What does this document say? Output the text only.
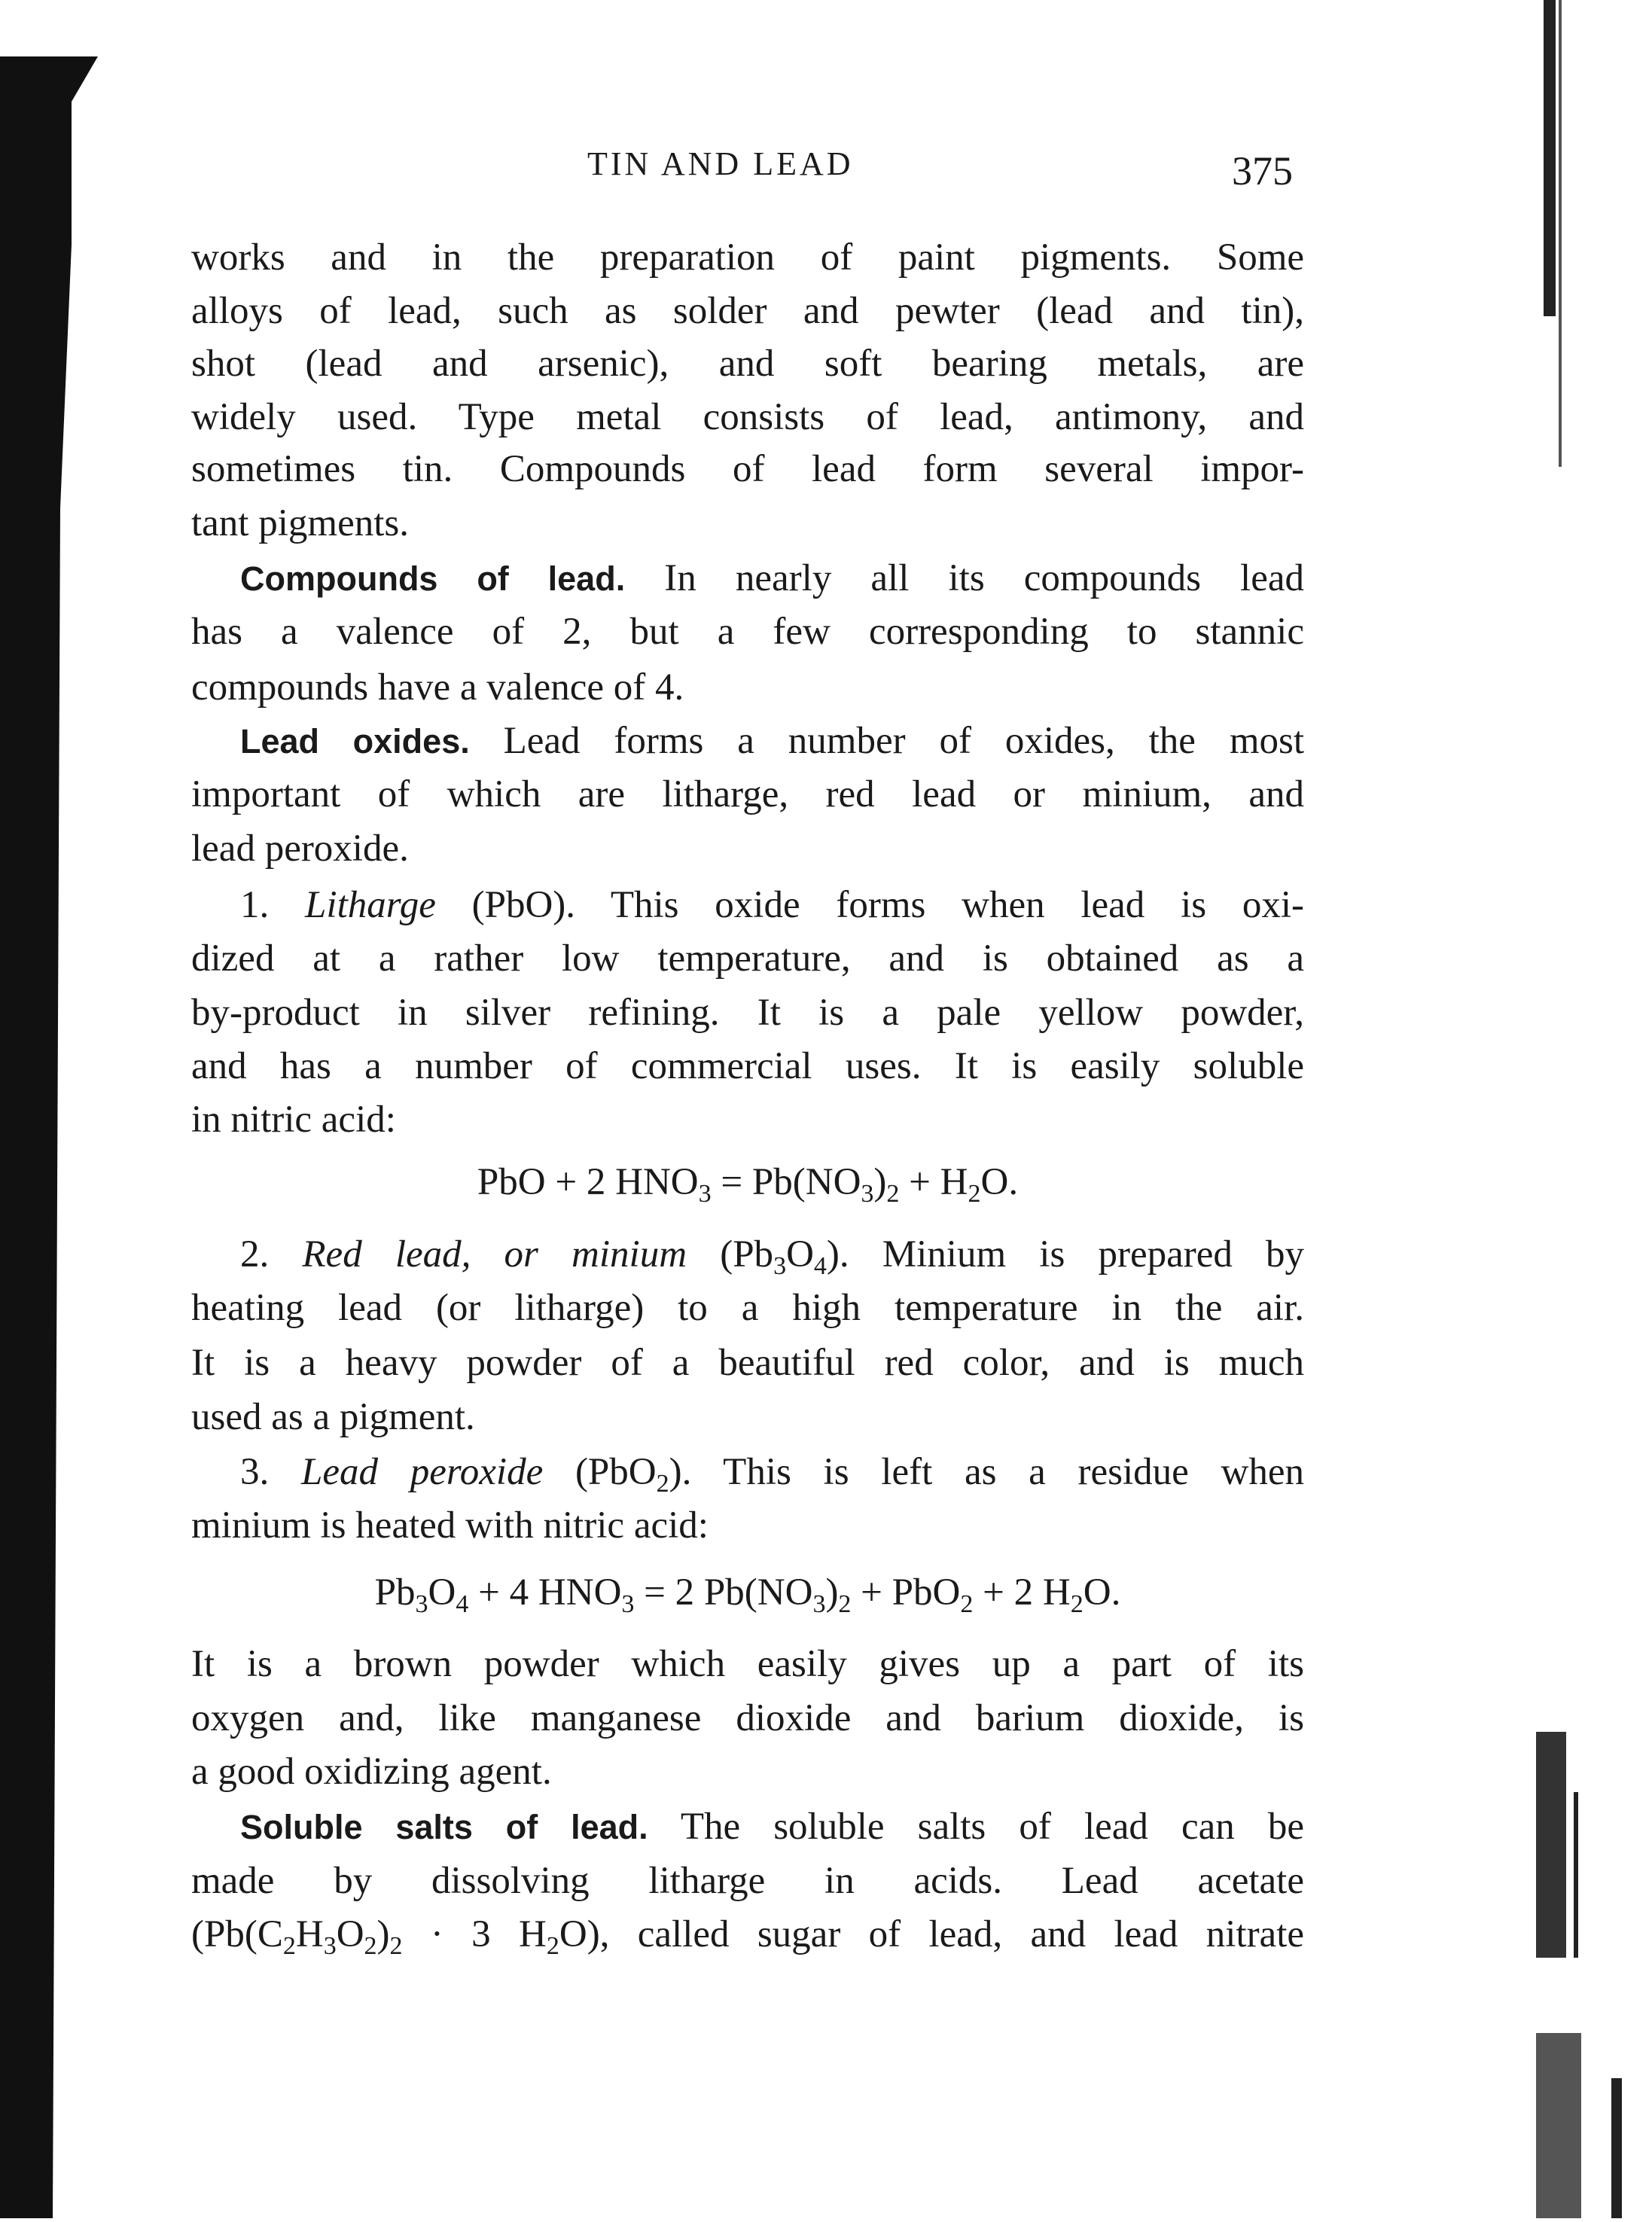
TIN AND LEAD	375
works and in the preparation of paint pigments. Some
alloys of lead, such as solder and pewter (lead and tin),
shot (lead and arsenic), and soft bearing metals, are
widely used. Type metal consists of lead, antimony, and
sometimes tin. Compounds of lead form several impor-
tant pigments.
Compounds of lead. In nearly all its compounds lead
has a valence of 2, but a few corresponding to stannic
compounds have a valence of 4.
Lead oxides. Lead forms a number of oxides, the most
important of which are litharge, red lead or minium, and
lead peroxide.
1. Litharge (PbO). This oxide forms when lead is oxi-
dized at a rather low temperature, and is obtained as a
by-product in silver refining. It is a pale yellow powder,
and has a number of commercial uses. It is easily soluble
in nitric acid:
PbO + 2 $HNO_3 = Pb(NO_3)_2 + H_2O$.
2. Red lead, or minium $(Pb_3O_4)$. Minium is prepared by
heating lead (or litharge) to a high temperature in the air.
It is a heavy powder of a beautiful red color, and is much
used as a pigment.
3. Lead peroxide (PbO$_2$). This is left as a residue when
minium is heated with nitric acid:
$Pb_3O_4 + 4$ $HNO_3 = 2$ $Pb(NO_3)_2 + PbO_2 + 2$ $H_2O$.
It is a brown powder which easily gives up a part of its
oxygen and, like manganese dioxide and barium dioxide, is
a good oxidizing agent.
Soluble salts of lead. The soluble salts of lead can be
made by dissolving litharge in acids. Lead acetate
($Pb(C_2H_3O_2)_2 \cdot 3$ $H_2O$), called sugar of lead, and lead nitrate
